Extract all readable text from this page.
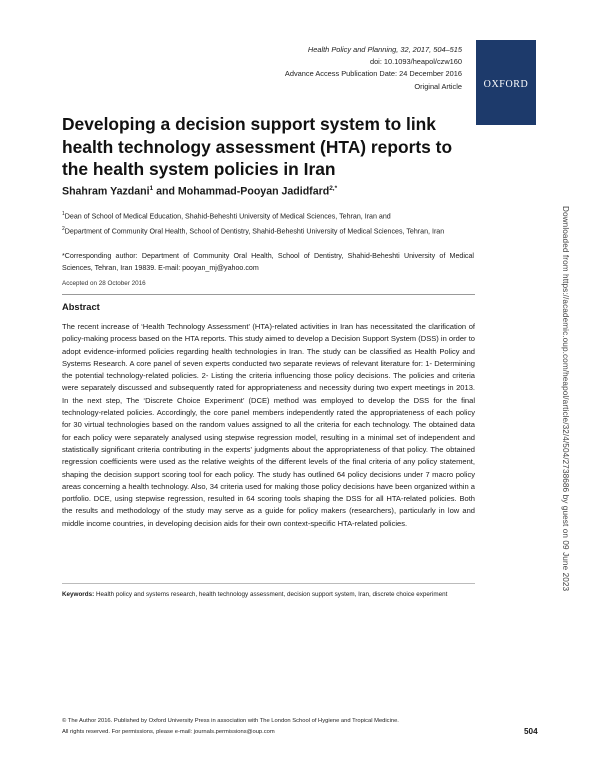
Health Policy and Planning, 32, 2017, 504–515
doi: 10.1093/heapol/czw160
Advance Access Publication Date: 24 December 2016
Original Article OXFORD
Developing a decision support system to link health technology assessment (HTA) reports to the health system policies in Iran
Shahram Yazdani$^1$ and Mohammad-Pooyan Jadidfard$^{2,*}$
$^1$Dean of School of Medical Education, Shahid-Beheshti University of Medical Sciences, Tehran, Iran and
$^2$Department of Community Oral Health, School of Dentistry, Shahid-Beheshti University of Medical Sciences, Tehran, Iran
*Corresponding author: Department of Community Oral Health, School of Dentistry, Shahid-Beheshti University of Medical Sciences, Tehran, Iran 19839. E-mail: pooyan_mj@yahoo.com
Accepted on 28 October 2016
Abstract
The recent increase of ‘Health Technology Assessment’ (HTA)-related activities in Iran has necessitated the clarification of policy-making process based on the HTA reports. This study aimed to develop a Decision Support System (DSS) in order to adopt evidence-informed policies regarding health technologies in Iran. The study can be classified as Health Policy and Systems Research. A core panel of seven experts conducted two separate reviews of relevant literature for: 1- Determining the potential technology-related policies. 2- Listing the criteria influencing those policy decisions. The policies and criteria were separately discussed and subsequently rated for appropriateness and necessity during two expert meetings in 2013. In the next step, The ‘Discrete Choice Experiment’ (DCE) method was employed to develop the DSS for the final technology-related policies. Accordingly, the core panel members independently rated the appropriateness of each policy for 30 virtual technologies based on the random values assigned to all the criteria for each technology. The obtained data for each policy were separately analysed using stepwise regression model, resulting in a minimal set of independent and statistically significant criteria contributing in the experts’ judgments about the appropriateness of that policy. The obtained regression coefficients were used as the relative weights of the different levels of the final criteria of any policy statement, shaping the decision support scoring tool for each policy. The study has outlined 64 policy decisions under 7 macro policy areas concerning a health technology. Also, 34 criteria used for making those policy decisions have been organized within a portfolio. DCE, using stepwise regression, resulted in 64 scoring tools shaping the DSS for all HTA-related policies. Both the results and methodology of the study may serve as a guide for policy makers (researchers), particularly in low and middle income countries, in developing decision aids for their own context-specific HTA-related policies.
Keywords: Health policy and systems research, health technology assessment, decision support system, Iran, discrete choice experiment
© The Author 2016. Published by Oxford University Press in association with The London School of Hygiene and Tropical Medicine.
All rights reserved. For permissions, please e-mail: journals.permissions@oup.com	504
Downloaded from https://academic.oup.com/heapol/article/32/4/504/2738686 by guest on 09 June 2023
